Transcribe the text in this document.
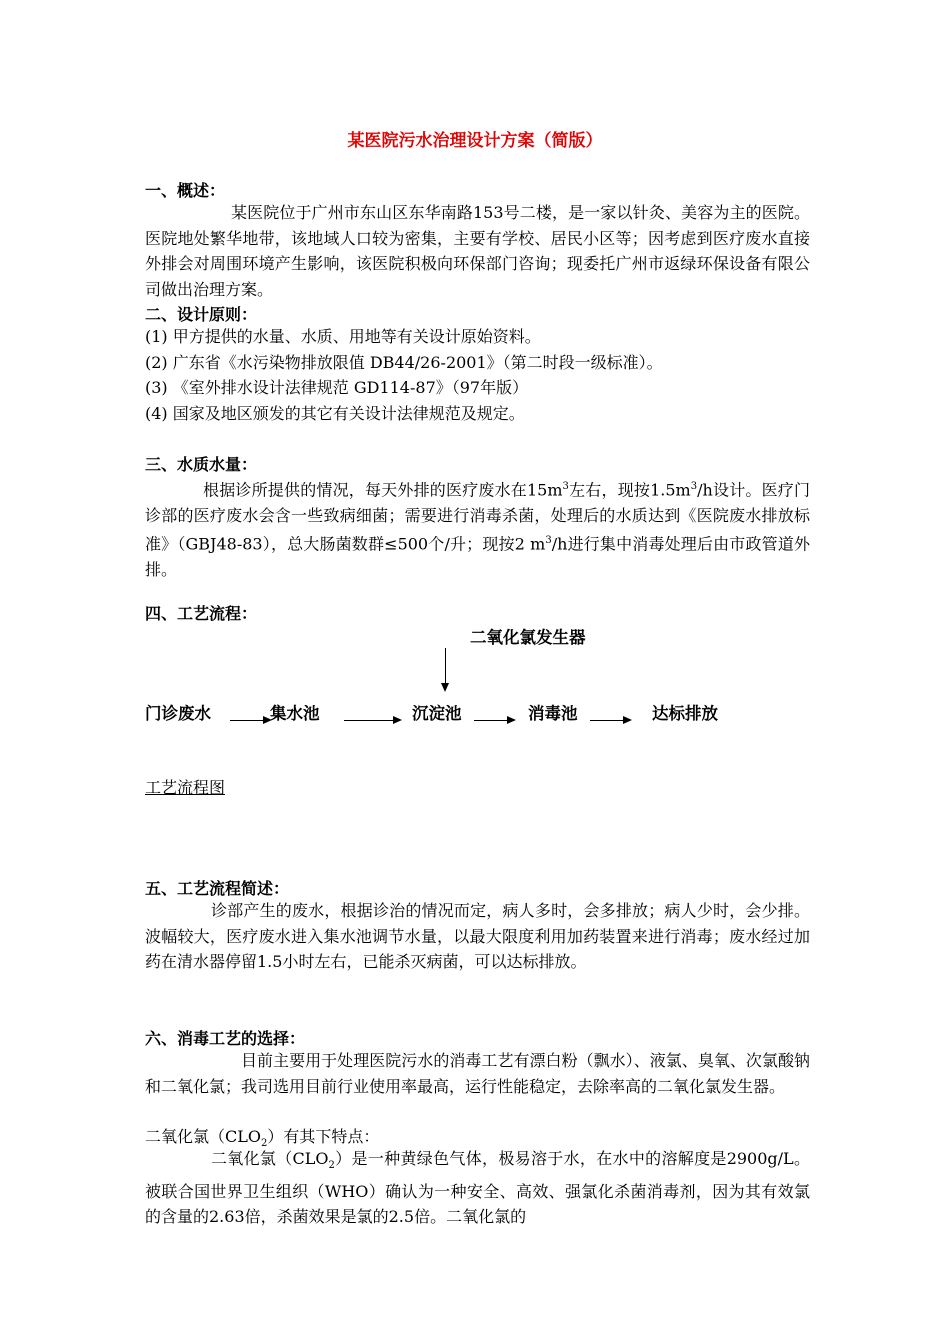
某医院污水治理设计方案（简版）
一、概述：
某医院位于广州市东山区东华南路153号二楼，是一家以针灸、美容为主的医院。医院地处繁华地带，该地域人口较为密集，主要有学校、居民小区等；因考虑到医疗废水直接外排会对周围环境产生影响，该医院积极向环保部门咨询；现委托广州市返绿环保设备有限公司做出治理方案。
二、设计原则：
(1) 甲方提供的水量、水质、用地等有关设计原始资料。
(2) 广东省《水污染物排放限值 DB44/26-2001》（第二时段一级标准）。
(3) 《室外排水设计法律规范 GD114-87》（97年版）
(4) 国家及地区颁发的其它有关设计法律规范及规定。
三、水质水量：
根据诊所提供的情况，每天外排的医疗废水在$15m^3$左右，现按$1.5m^3/h$设计。医疗门诊部的医疗废水会含一些致病细菌；需要进行消毒杀菌，处理后的水质达到《医院废水排放标准》（GBJ48-83），总大肠菌数群≤500个/升；现按2 $m^3/h$进行集中消毒处理后由市政管道外排。
四、工艺流程：
二氧化氯发生器
门诊废水	集水池	沉淀池	消毒池	达标排放
工艺流程图
五、工艺流程简述：
诊部产生的废水，根据诊治的情况而定，病人多时，会多排放；病人少时，会少排。波幅较大，医疗废水进入集水池调节水量，以最大限度利用加药装置来进行消毒；废水经过加药在清水器停留1.5小时左右，已能杀灭病菌，可以达标排放。
六、消毒工艺的选择：
目前主要用于处理医院污水的消毒工艺有漂白粉（飘水）、液氯、臭氧、次氯酸钠和二氧化氯；我司选用目前行业使用率最高，运行性能稳定，去除率高的二氧化氯发生器。
二氧化氯$(CLO_2)$有其下特点：
二氧化氯$(CLO_2)$是一种黄绿色气体，极易溶于水，在水中的溶解度是2900g/L。被联合国世界卫生组织（WHO）确认为一种安全、高效、强氯化杀菌消毒剂，因为其有效氯的含量的2.63倍，杀菌效果是氯的2.5倍。二氧化氯的
